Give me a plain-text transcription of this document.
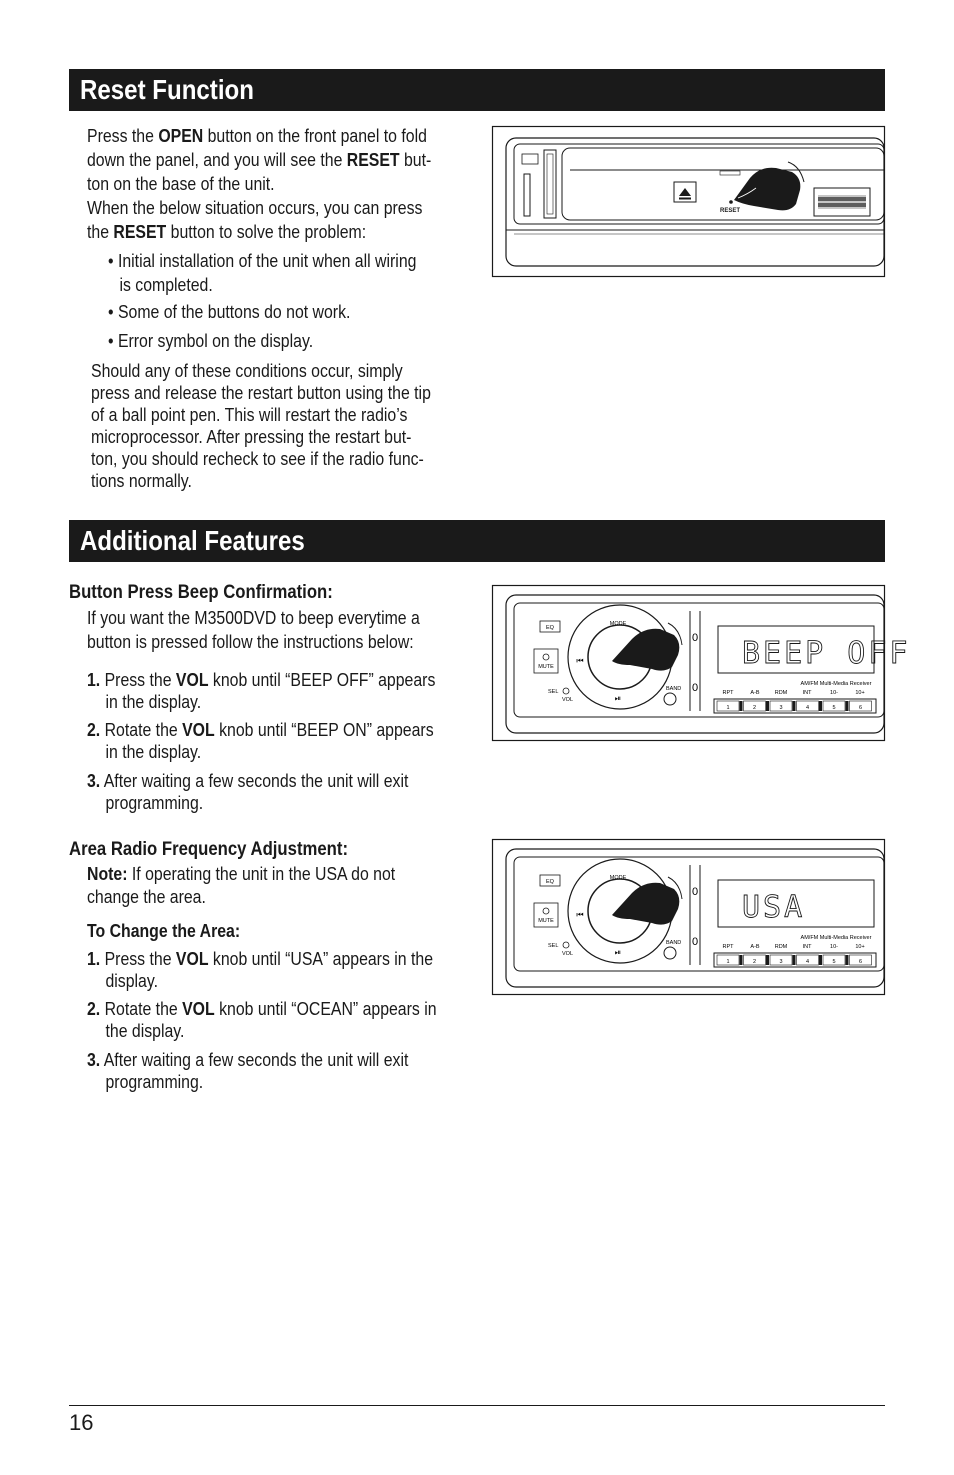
Reset Function
Press the OPEN button on the front panel to fold
down the panel, and you will see the RESET but-
ton on the base of the unit.
When the below situation occurs, you can press
the RESET button to solve the problem:
• Initial installation of the unit when all wiring
is completed.
• Some of the buttons do not work.
• Error symbol on the display.
Should any of these conditions occur, simply
press and release the restart button using the tip
of a ball point pen. This will restart the radio’s
microprocessor. After pressing the restart but-
ton, you should recheck to see if the radio func-
tions normally.
RESET
Additional Features
Button Press Beep Confirmation:
If you want the M3500DVD to beep everytime a
button is pressed follow the instructions below:
1. Press the VOL knob until “BEEP OFF” appears
in the display.
2. Rotate the VOL knob until “BEEP ON” appears
in the display.
3. After waiting a few seconds the unit will exit
programming.
Area Radio Frequency Adjustment:
Note: If operating the unit in the USA do not
change the area.
To Change the Area:
1. Press the VOL knob until “USA” appears in the
display.
2. Rotate the VOL knob until “OCEAN” appears in
the display.
3. After waiting a few seconds the unit will exit
programming.
EQ
MUTE
SEL
VOL
MODE
⏮
⏯
BAND
0
0
BEEP OFF
AM/FM Multi-Media Receiver
RPT	A-B	RDM	INT	10-	10+
1	2	3	4	5	6
EQ
MUTE
SEL
VOL
MODE
⏮
⏯
BAND
0
0
USA
AM/FM Multi-Media Receiver
RPT	A-B	RDM	INT	10-	10+
1	2	3	4	5	6
16
